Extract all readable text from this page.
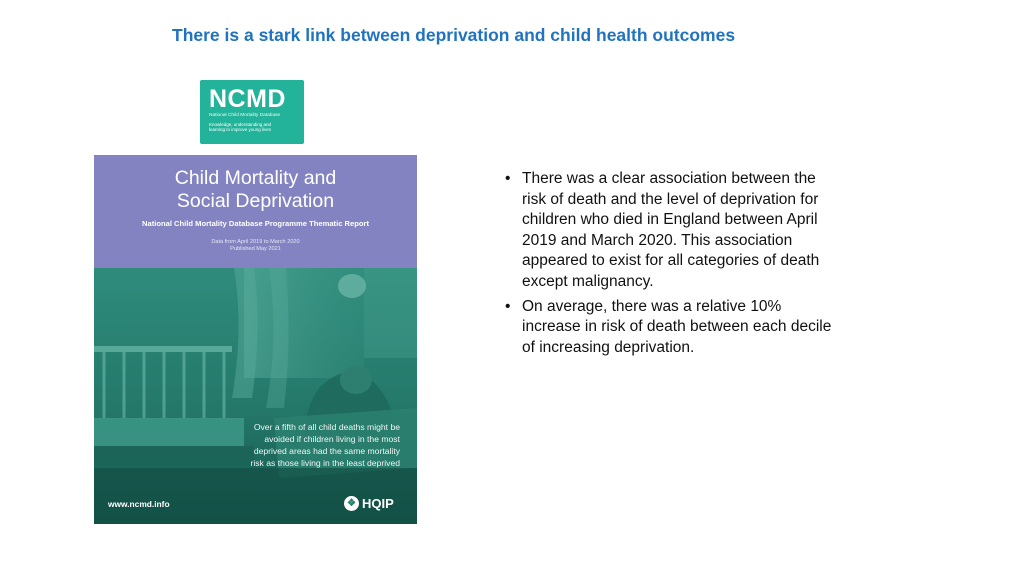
There is a stark link between deprivation and child health outcomes
NCMD
National Child Mortality Database
Knowledge, understanding and learning to improve young lives
Child Mortality and
Social Deprivation
National Child Mortality Database Programme Thematic Report
Data from April 2019 to March 2020
Published May 2021
Over a fifth of all child deaths might be
avoided if children living in the most
deprived areas had the same mortality
risk as those living in the least deprived
www.ncmd.info	❖ HQIP
• There was a clear association between the risk of death and the level of deprivation for children who died in England between April 2019 and March 2020. This association appeared to exist for all categories of death except malignancy.
• On average, there was a relative 10% increase in risk of death between each decile of increasing deprivation.
